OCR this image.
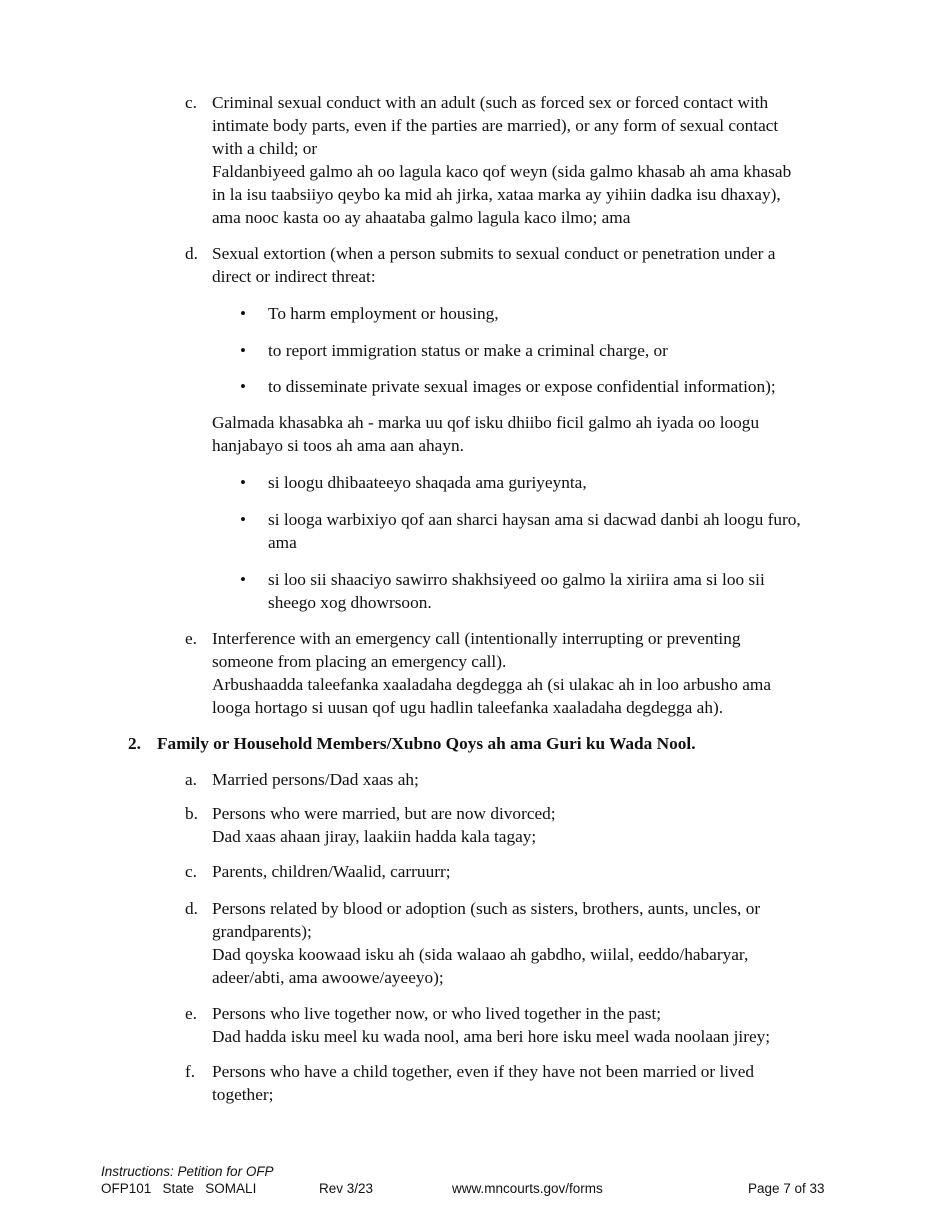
c. Criminal sexual conduct with an adult (such as forced sex or forced contact with
intimate body parts, even if the parties are married), or any form of sexual contact
with a child; or
Faldanbiyeed galmo ah oo lagula kaco qof weyn (sida galmo khasab ah ama khasab
in la isu taabsiiyo qeybo ka mid ah jirka, xataa marka ay yihiin dadka isu dhaxay),
ama nooc kasta oo ay ahaataba galmo lagula kaco ilmo; ama
d. Sexual extortion (when a person submits to sexual conduct or penetration under a
direct or indirect threat:
• To harm employment or housing,
• to report immigration status or make a criminal charge, or
• to disseminate private sexual images or expose confidential information);
Galmada khasabka ah - marka uu qof isku dhiibo ficil galmo ah iyada oo loogu
hanjabayo si toos ah ama aan ahayn.
• si loogu dhibaateeyo shaqada ama guriyeynta,
• si looga warbixiyo qof aan sharci haysan ama si dacwad danbi ah loogu furo,
ama
• si loo sii shaaciyo sawirro shakhsiyeed oo galmo la xiriira ama si loo sii
sheego xog dhowrsoon.
e. Interference with an emergency call (intentionally interrupting or preventing
someone from placing an emergency call).
Arbushaadda taleefanka xaaladaha degdegga ah (si ulakac ah in loo arbusho ama
looga hortago si uusan qof ugu hadlin taleefanka xaaladaha degdegga ah).
2. Family or Household Members/Xubno Qoys ah ama Guri ku Wada Nool.
a. Married persons/Dad xaas ah;
b. Persons who were married, but are now divorced;
Dad xaas ahaan jiray, laakiin hadda kala tagay;
c. Parents, children/Waalid, carruurr;
d. Persons related by blood or adoption (such as sisters, brothers, aunts, uncles, or
grandparents);
Dad qoyska koowaad isku ah (sida walaao ah gabdho, wiilal, eeddo/habaryar,
adeer/abti, ama awoowe/ayeeyo);
e. Persons who live together now, or who lived together in the past;
Dad hadda isku meel ku wada nool, ama beri hore isku meel wada noolaan jirey;
f. Persons who have a child together, even if they have not been married or lived
together;
Instructions: Petition for OFP
OFP101   State   SOMALI	Rev 3/23	www.mncourts.gov/forms	Page 7 of 33
